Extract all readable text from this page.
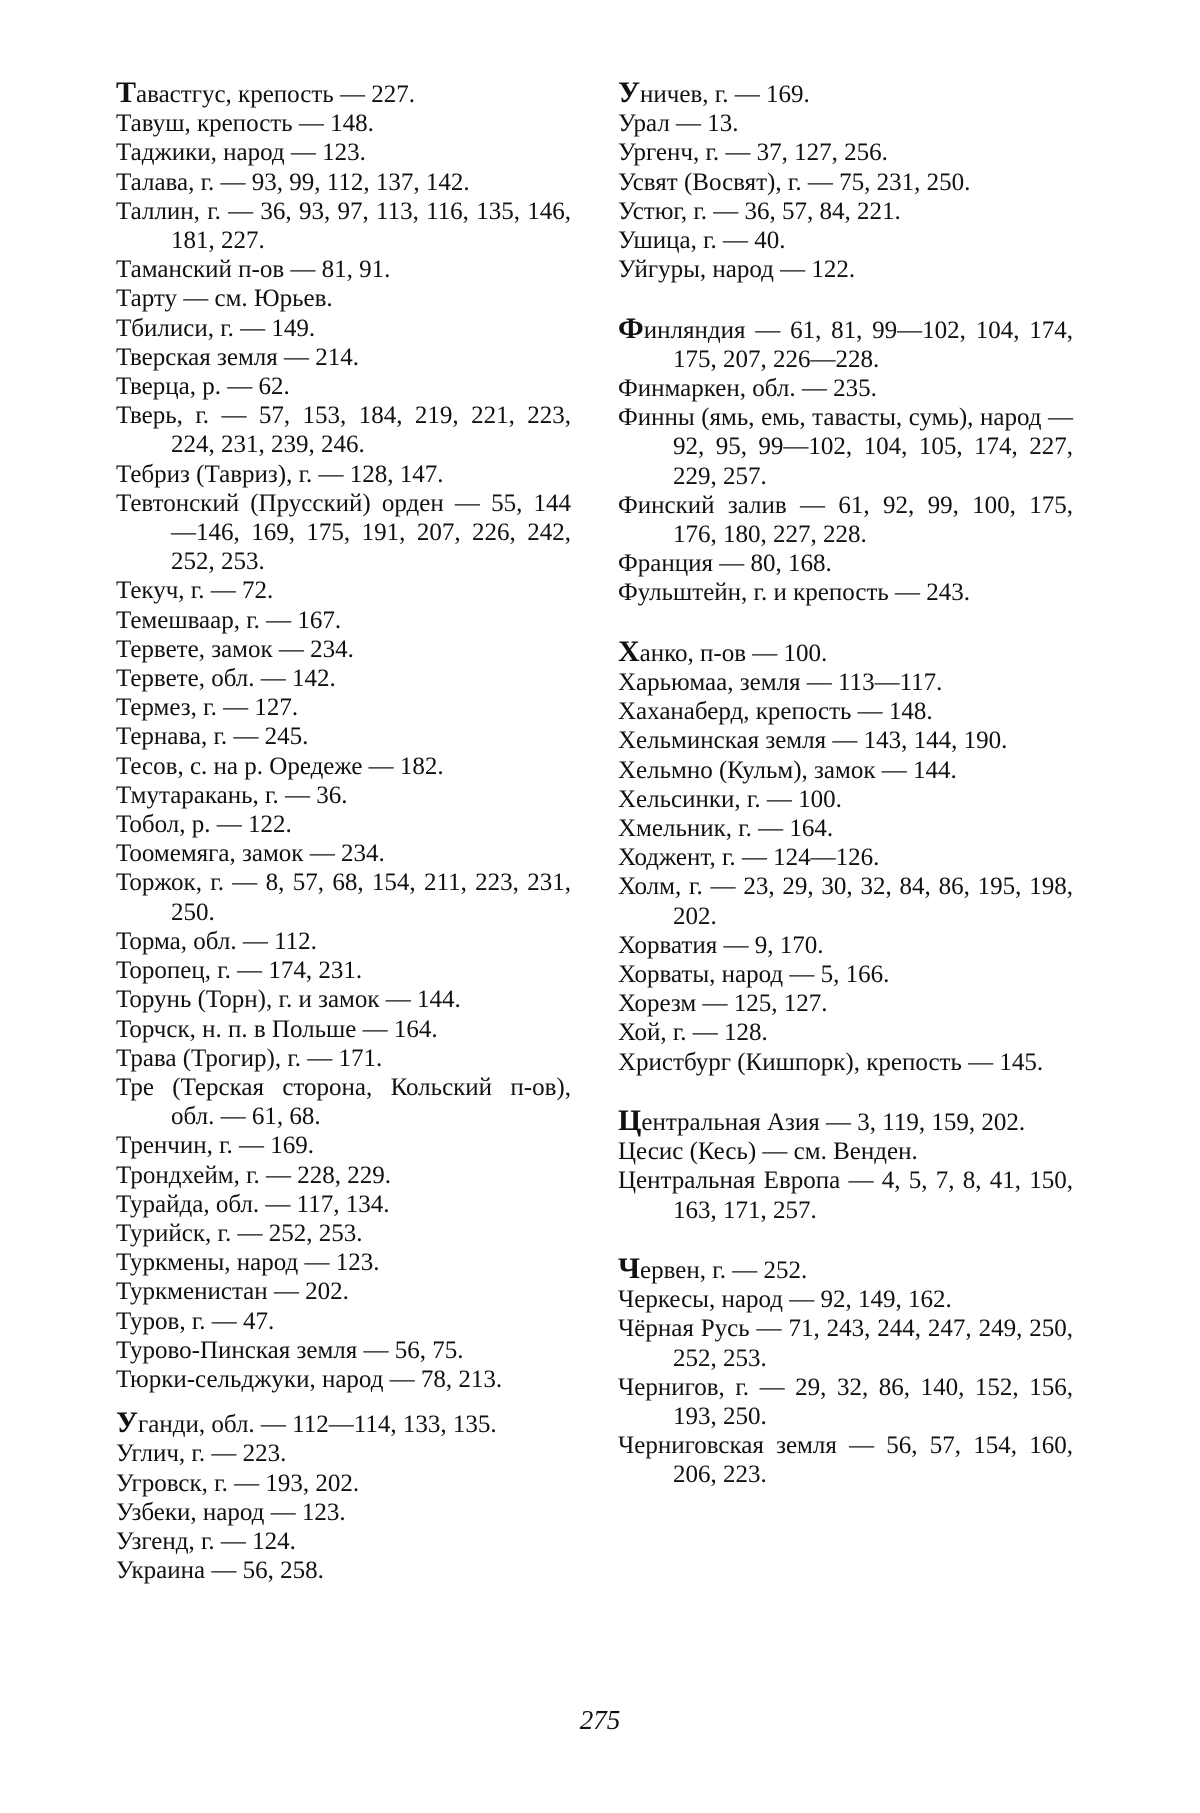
Тавастгус, крепость — 227.

Тавуш, крепость — 148.

Таджики, народ — 123.

Талава, г. — 93, 99, 112, 137, 142.

Таллин, г. — 36, 93, 97, 113, 116, 135, 146, 181, 227.

Таманский п-ов — 81, 91.

Тарту — см. Юрьев.

Тбилиси, г. — 149.

Тверская земля — 214.

Тверца, р. — 62.

Тверь, г. — 57, 153, 184, 219, 221, 223, 224, 231, 239, 246.

Тебриз (Тавриз), г. — 128, 147.

Тевтонский (Прусский) орден — 55, 144—146, 169, 175, 191, 207, 226, 242, 252, 253.

Текуч, г. — 72.

Темешваар, г. — 167.

Тервете, замок — 234.

Тервете, обл. — 142.

Термез, г. — 127.

Тернава, г. — 245.

Тесов, с. на р. Оредеже — 182.

Тмутаракань, г. — 36.

Тобол, р. — 122.

Тоомемяга, замок — 234.

Торжок, г. — 8, 57, 68, 154, 211, 223, 231, 250.

Торма, обл. — 112.

Торопец, г. — 174, 231.

Торунь (Торн), г. и замок — 144.

Торчск, н. п. в Польше — 164.

Трава (Трогир), г. — 171.

Тре (Терская сторона, Кольский п-ов), обл. — 61, 68.

Тренчин, г. — 169.

Трондхейм, г. — 228, 229.

Турайда, обл. — 117, 134.

Турийск, г. — 252, 253.

Туркмены, народ — 123.

Туркменистан — 202.

Туров, г. — 47.

Турово-Пинская земля — 56, 75.

Тюрки-сельджуки, народ — 78, 213.

Уганди, обл. — 112—114, 133, 135.

Углич, г. — 223.

Угровск, г. — 193, 202.

Узбеки, народ — 123.

Узгенд, г. — 124.

Украина — 56, 258.

Уничев, г. — 169.

Урал — 13.

Ургенч, г. — 37, 127, 256.

Усвят (Восвят), г. — 75, 231, 250.

Устюг, г. — 36, 57, 84, 221.

Ушица, г. — 40.

Уйгуры, народ — 122.

Финляндия — 61, 81, 99—102, 104, 174, 175, 207, 226—228.

Финмаркен, обл. — 235.

Финны (ямь, емь, тавасты, сумь), народ — 92, 95, 99—102, 104, 105, 174, 227, 229, 257.

Финский залив — 61, 92, 99, 100, 175, 176, 180, 227, 228.

Франция — 80, 168.

Фульштейн, г. и крепость — 243.

Ханко, п-ов — 100.

Харьюмаа, земля — 113—117.

Хаханаберд, крепость — 148.

Хельминская земля — 143, 144, 190.

Хельмно (Кульм), замок — 144.

Хельсинки, г. — 100.

Хмельник, г. — 164.

Ходжент, г. — 124—126.

Холм, г. — 23, 29, 30, 32, 84, 86, 195, 198, 202.

Хорватия — 9, 170.

Хорваты, народ — 5, 166.

Хорезм — 125, 127.

Хой, г. — 128.

Христбург (Кишпорк), крепость — 145.

Центральная Азия — 3, 119, 159, 202.

Цесис (Кесь) — см. Венден.

Центральная Европа — 4, 5, 7, 8, 41, 150, 163, 171, 257.

Червен, г. — 252.

Черкесы, народ — 92, 149, 162.

Чёрная Русь — 71, 243, 244, 247, 249, 250, 252, 253.

Чернигов, г. — 29, 32, 86, 140, 152, 156, 193, 250.

Черниговская земля — 56, 57, 154, 160, 206, 223.

275
